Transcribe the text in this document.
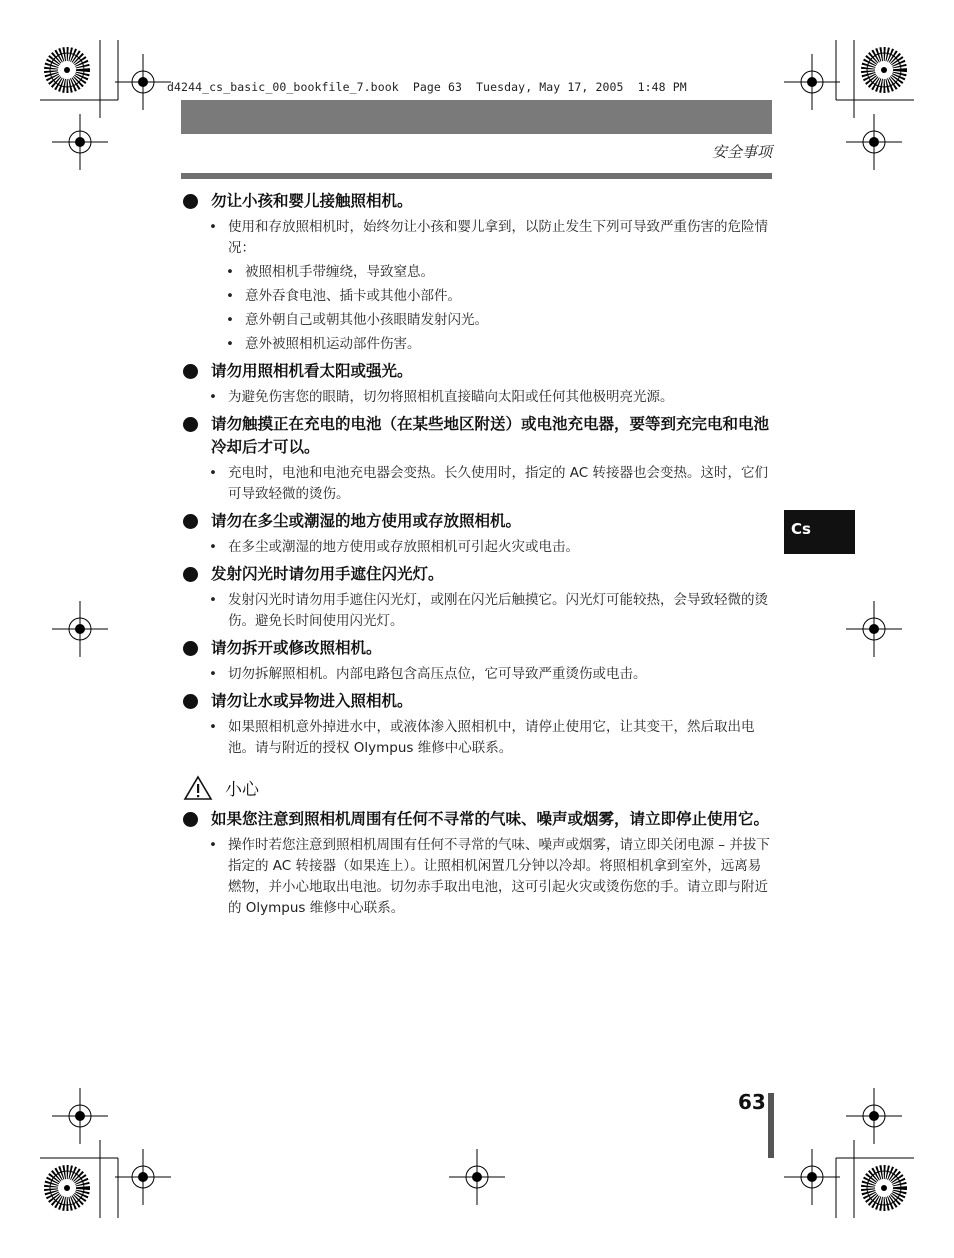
d4244_cs_basic_00_bookfile_7.book  Page 63  Tuesday, May 17, 2005  1:48 PM
安全事项
勿让小孩和婴儿接触照相机。
• 使用和存放照相机时，始终勿让小孩和婴儿拿到，以防止发生下列可导致严重伤害的危险情况：
• 被照相机手带缠绕，导致窒息。
• 意外吞食电池、插卡或其他小部件。
• 意外朝自己或朝其他小孩眼睛发射闪光。
• 意外被照相机运动部件伤害。
请勿用照相机看太阳或强光。
• 为避免伤害您的眼睛，切勿将照相机直接瞄向太阳或任何其他极明亮光源。
请勿触摸正在充电的电池（在某些地区附送）或电池充电器，要等到充完电和电池冷却后才可以。
• 充电时，电池和电池充电器会变热。长久使用时，指定的 AC 转接器也会变热。这时，它们可导致轻微的烫伤。
请勿在多尘或潮湿的地方使用或存放照相机。
• 在多尘或潮湿的地方使用或存放照相机可引起火灾或电击。
发射闪光时请勿用手遮住闪光灯。
• 发射闪光时请勿用手遮住闪光灯，或刚在闪光后触摸它。闪光灯可能较热，会导致轻微的烫伤。避免长时间使用闪光灯。
请勿拆开或修改照相机。
• 切勿拆解照相机。内部电路包含高压点位，它可导致严重烫伤或电击。
请勿让水或异物进入照相机。
• 如果照相机意外掉进水中，或液体渗入照相机中，请停止使用它，让其变干，然后取出电池。请与附近的授权 Olympus 维修中心联系。
小心
如果您注意到照相机周围有任何不寻常的气味、噪声或烟雾，请立即停止使用它。
• 操作时若您注意到照相机周围有任何不寻常的气味、噪声或烟雾，请立即关闭电源 – 并拔下指定的 AC 转接器（如果连上）。让照相机闲置几分钟以冷却。将照相机拿到室外，远离易燃物，并小心地取出电池。切勿赤手取出电池，这可引起火灾或烫伤您的手。请立即与附近的 Olympus 维修中心联系。
Cs
63
